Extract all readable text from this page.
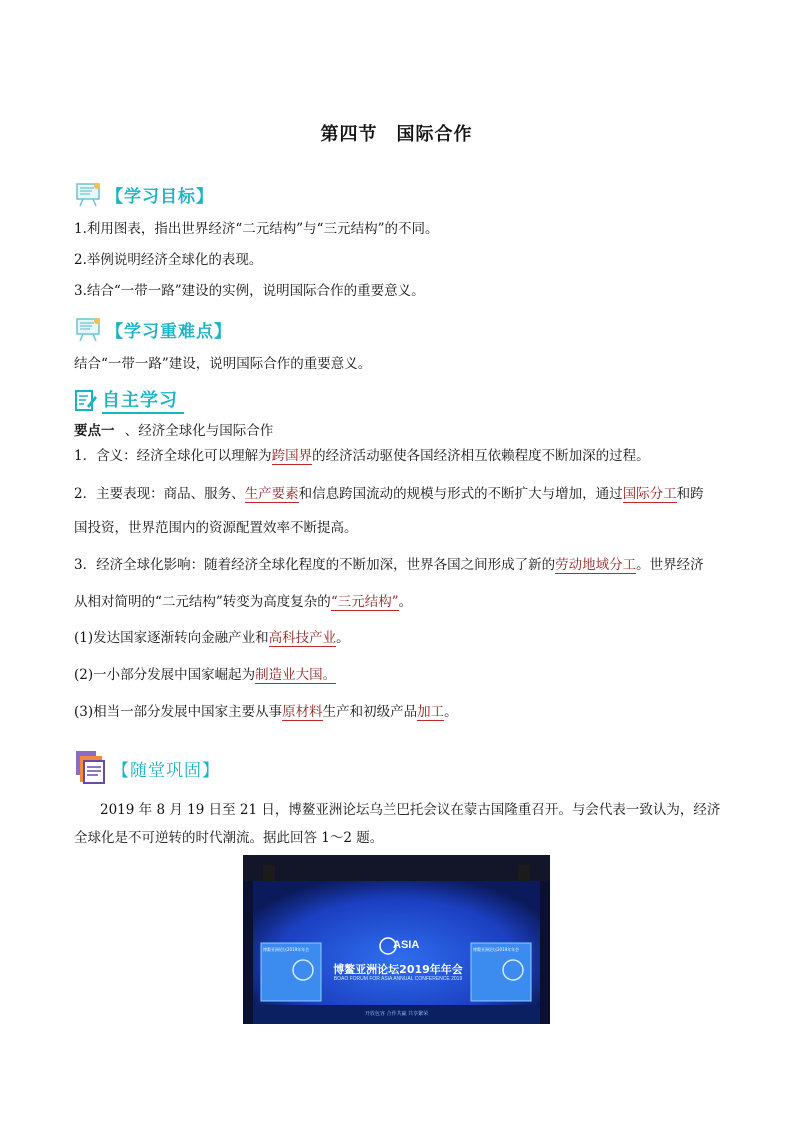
第四节　国际合作
【学习目标】
1.利用图表，指出世界经济“二元结构”与“三元结构”的不同。
2.举例说明经济全球化的表现。
3.结合“一带一路”建设的实例，说明国际合作的重要意义。
【学习重难点】
结合“一带一路”建设，说明国际合作的重要意义。
自主学习
要点一 、经济全球化与国际合作
1．含义：经济全球化可以理解为跨国界的经济活动驱使各国经济相互依赖程度不断加深的过程。
2．主要表现：商品、服务、生产要素和信息跨国流动的规模与形式的不断扩大与增加，通过国际分工和跨
国投资，世界范围内的资源配置效率不断提高。
3．经济全球化影响：随着经济全球化程度的不断加深，世界各国之间形成了新的劳动地域分工。世界经济
从相对简明的“二元结构”转变为高度复杂的“三元结构”。
(1)发达国家逐渐转向金融产业和高科技产业。
(2)一小部分发展中国家崛起为制造业大国。
(3)相当一部分发展中国家主要从事原材料生产和初级产品加工。
【随堂巩固】
2019 年 8 月 19 日至 21 日，博鳌亚洲论坛乌兰巴托会议在蒙古国隆重召开。与会代表一致认为，经济
全球化是不可逆转的时代潮流。据此回答 1～2 题。
ASIA
博鳌亚洲论坛2019年年会
BOAO FORUM FOR ASIA ANNUAL CONFERENCE 2019
博鳌亚洲论坛2019年年会	博鳌亚洲论坛2019年年会
开放包容 合作共赢 共享繁荣
